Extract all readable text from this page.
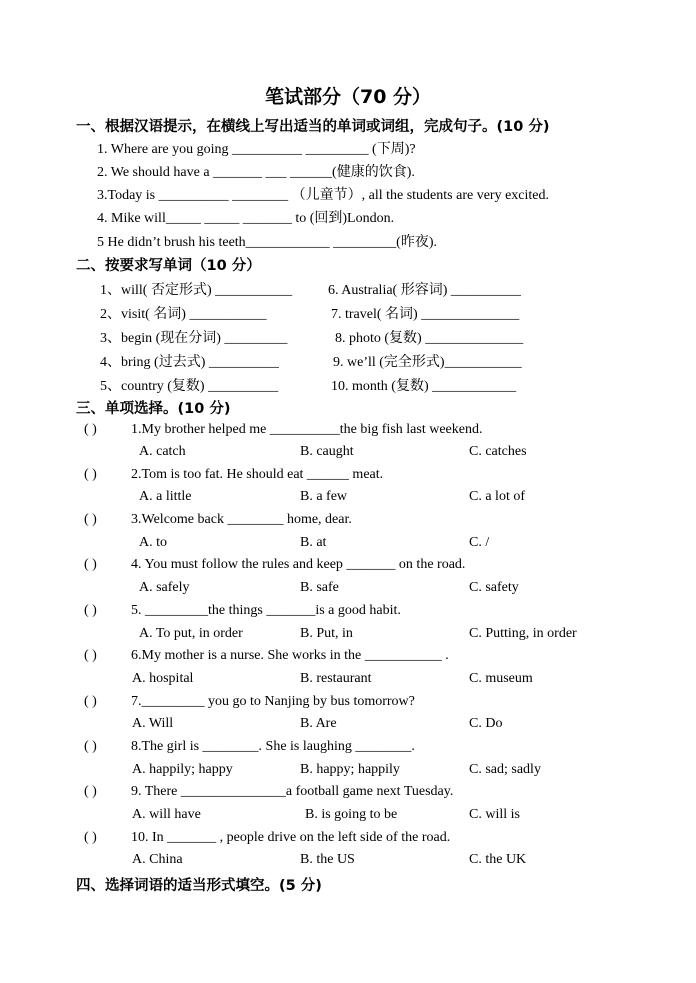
笔试部分（70 分）
一、根据汉语提示，在横线上写出适当的单词或词组，完成句子。(10 分)
1. Where are you going __________ _________ (下周)?
2. We should have a _______ ___ ______(健康的饮食).
3.Today is __________ ________ （儿童节）, all the students are very excited.
4. Mike will_____ _____ _______ to (回到)London.
5 He didn’t brush his teeth____________ _________(昨夜).
二、按要求写单词（10 分）
1、will( 否定形式) ___________
2、visit( 名词) ___________
3、begin (现在分词) _________
4、bring (过去式) __________
5、country (复数) __________
6. Australia( 形容词) __________
7. travel( 名词) ______________
8. photo (复数) ______________
9. we’ll (完全形式)___________
10. month (复数) ____________
三、单项选择。(10 分)
( ) 1.My brother helped me __________the big fish last weekend.
A. catch	B. caught	C. catches
( ) 2.Tom is too fat. He should eat ______ meat.
A. a little	B. a few	C. a lot of
( ) 3.Welcome back ________ home, dear.
A. to	B. at	C. /
( ) 4. You must follow the rules and keep _______ on the road.
A. safely	B. safe	C. safety
( ) 5. _________the things _______is a good habit.
A. To put, in order	B. Put, in	C. Putting, in order
( ) 6.My mother is a nurse. She works in the ___________ .
A. hospital	B. restaurant	C. museum
( ) 7._________ you go to Nanjing by bus tomorrow?
A. Will	B. Are	C. Do
( ) 8.The girl is ________. She is laughing ________.
A. happily; happy	B. happy; happily	C. sad; sadly
( ) 9. There _______________a football game next Tuesday.
A. will have	B. is going to be	C. will is
( ) 10. In _______ , people drive on the left side of the road.
A. China	B. the US	C. the UK
四、选择词语的适当形式填空。(5 分)
